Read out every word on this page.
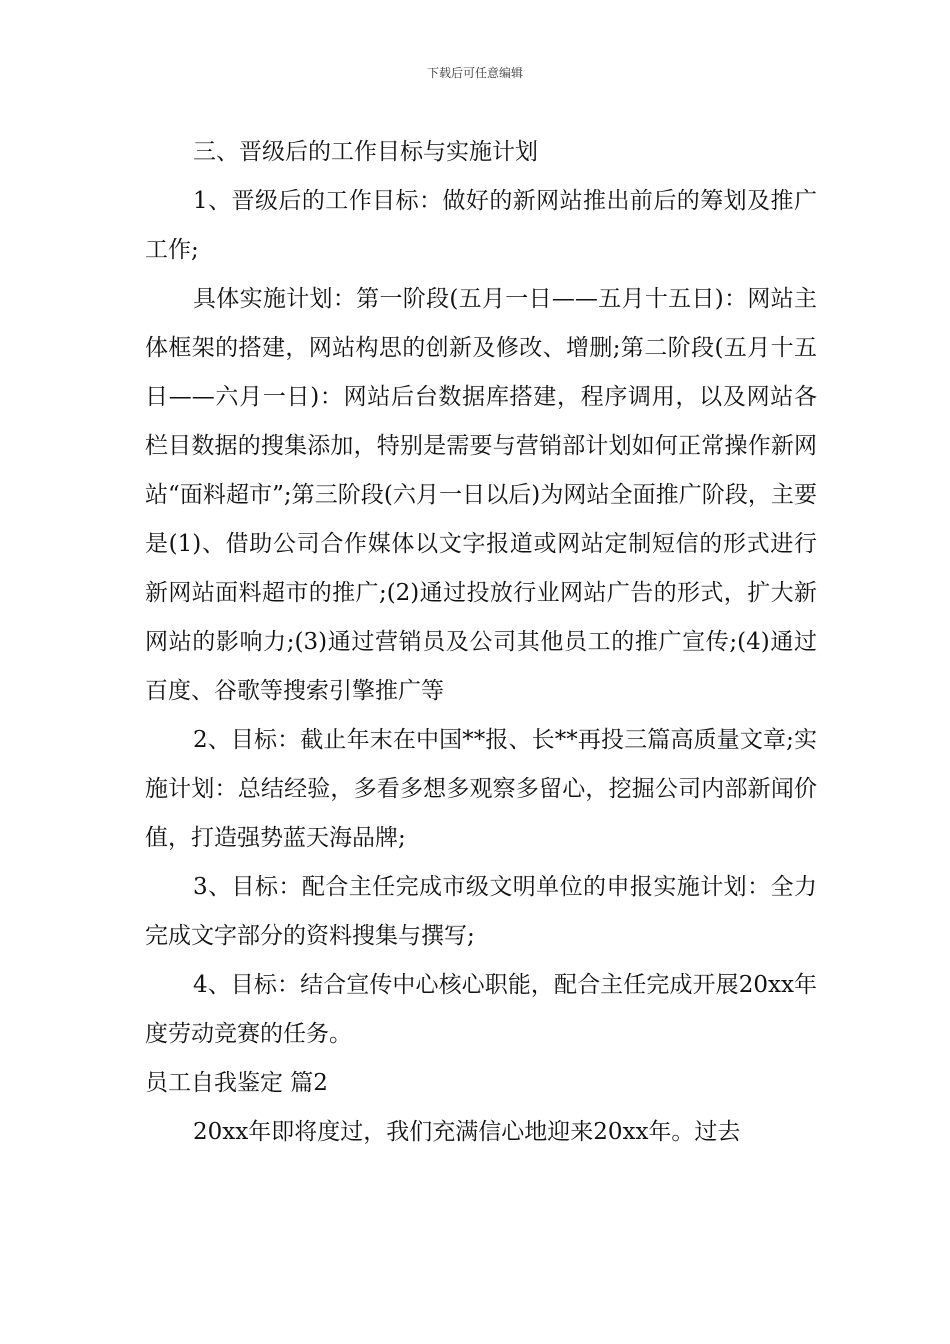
下载后可任意编辑

三、晋级后的工作目标与实施计划

1、晋级后的工作目标：做好的新网站推出前后的筹划及推广工作;

具体实施计划：第一阶段(五月一日——五月十五日)：网站主体框架的搭建，网站构思的创新及修改、增删;第二阶段(五月十五日——六月一日)：网站后台数据库搭建，程序调用，以及网站各栏目数据的搜集添加，特别是需要与营销部计划如何正常操作新网站“面料超市”;第三阶段(六月一日以后)为网站全面推广阶段，主要是(1)、借助公司合作媒体以文字报道或网站定制短信的形式进行新网站面料超市的推广;(2)通过投放行业网站广告的形式，扩大新网站的影响力;(3)通过营销员及公司其他员工的推广宣传;(4)通过百度、谷歌等搜索引擎推广等

2、目标：截止年末在中国**报、长**再投三篇高质量文章;实施计划：总结经验，多看多想多观察多留心，挖掘公司内部新闻价值，打造强势蓝天海品牌;

3、目标：配合主任完成市级文明单位的申报实施计划：全力完成文字部分的资料搜集与撰写;

4、目标：结合宣传中心核心职能，配合主任完成开展20xx年度劳动竞赛的任务。

员工自我鉴定 篇2

20xx年即将度过，我们充满信心地迎来20xx年。过去
